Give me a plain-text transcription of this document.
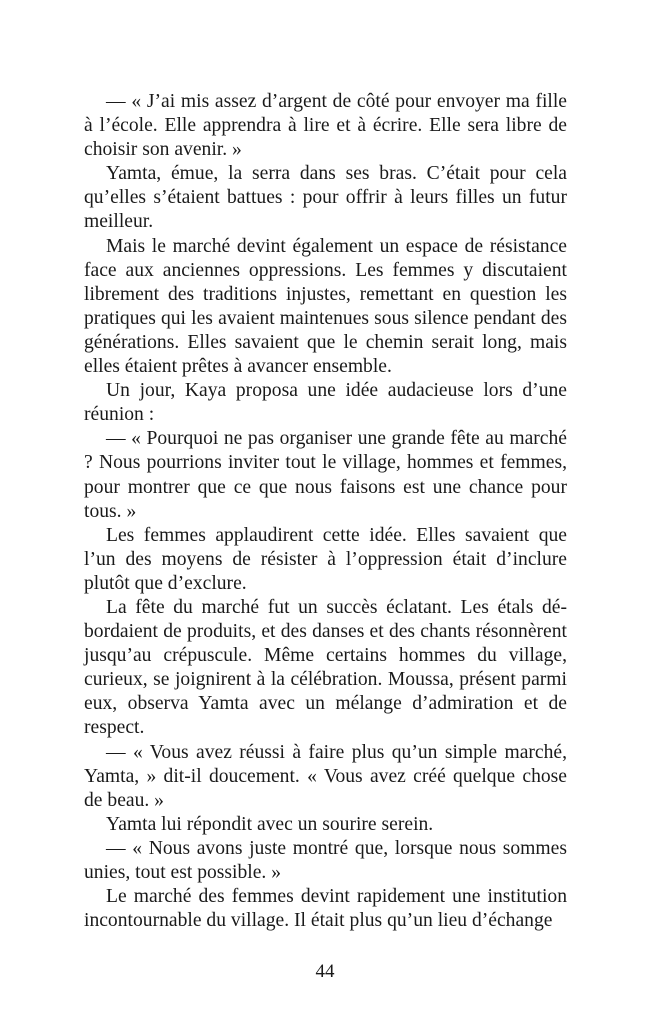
— « J’ai mis assez d’argent de côté pour envoyer ma fille à l’école. Elle apprendra à lire et à écrire. Elle sera libre de choisir son avenir. »

Yamta, émue, la serra dans ses bras. C’était pour cela qu’elles s’étaient battues : pour offrir à leurs filles un futur meilleur.

Mais le marché devint également un espace de résistance face aux anciennes oppressions. Les femmes y discutaient librement des traditions injustes, remettant en question les pratiques qui les avaient maintenues sous silence pendant des générations. Elles savaient que le chemin serait long, mais elles étaient prêtes à avancer ensemble.

Un jour, Kaya proposa une idée audacieuse lors d’une réunion :

— « Pourquoi ne pas organiser une grande fête au marché ? Nous pourrions inviter tout le village, hommes et femmes, pour montrer que ce que nous faisons est une chance pour tous. »

Les femmes applaudirent cette idée. Elles savaient que l’un des moyens de résister à l’oppression était d’inclure plutôt que d’exclure.

La fête du marché fut un succès éclatant. Les étals débordaient de produits, et des danses et des chants résonnèrent jusqu’au crépuscule. Même certains hommes du village, curieux, se joignirent à la célébration. Moussa, présent parmi eux, observa Yamta avec un mélange d’admiration et de respect.

— « Vous avez réussi à faire plus qu’un simple marché, Yamta, » dit-il doucement. « Vous avez créé quelque chose de beau. »

Yamta lui répondit avec un sourire serein.

— « Nous avons juste montré que, lorsque nous sommes unies, tout est possible. »

Le marché des femmes devint rapidement une institution incontournable du village. Il était plus qu’un lieu d’échange

44
